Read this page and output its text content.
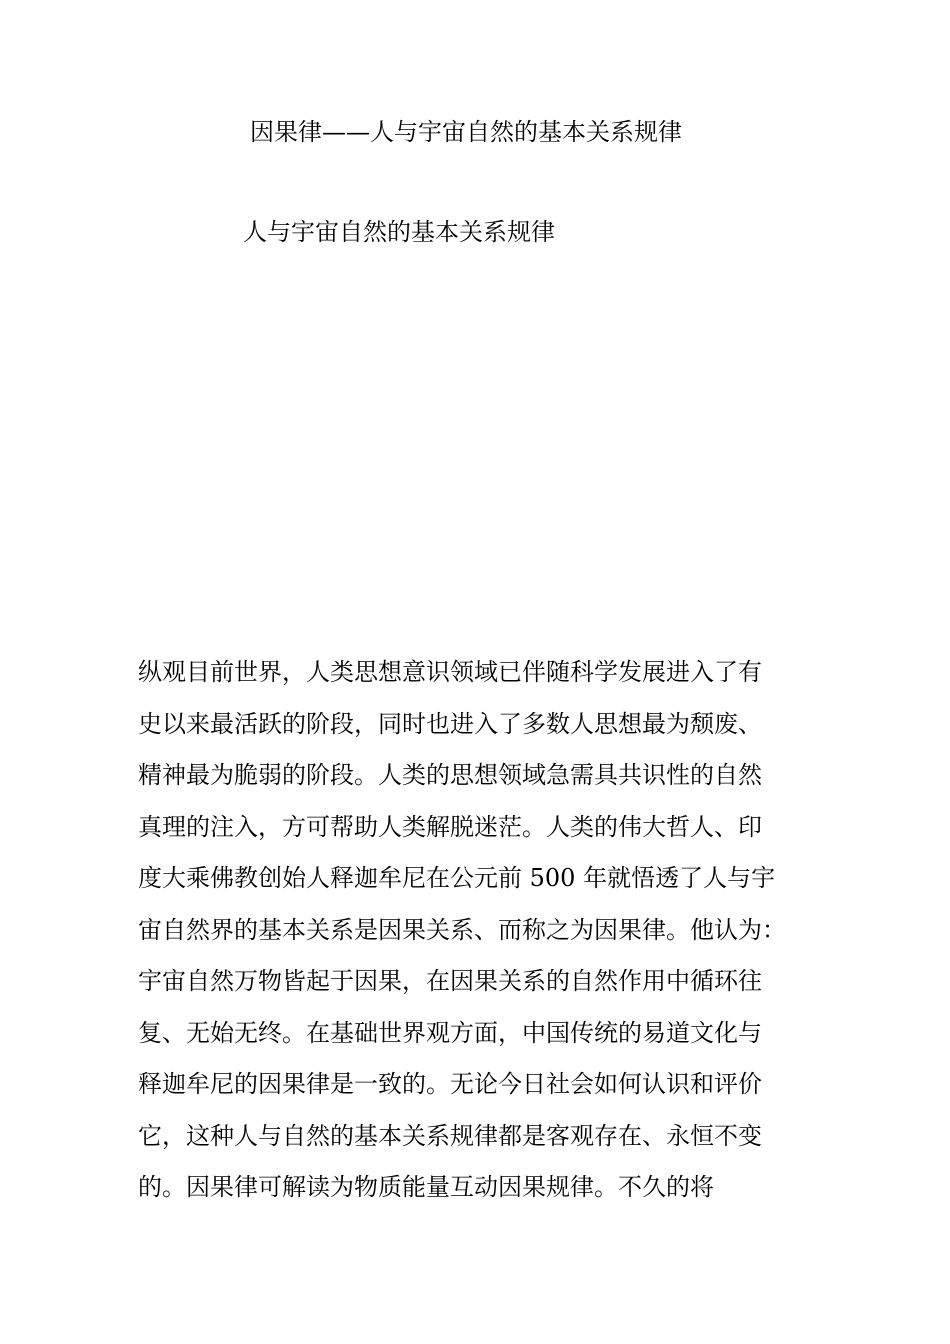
因果律——人与宇宙自然的基本关系规律
人与宇宙自然的基本关系规律
纵观目前世界，人类思想意识领域已伴随科学发展进入了有
史以来最活跃的阶段，同时也进入了多数人思想最为颓废、
精神最为脆弱的阶段。人类的思想领域急需具共识性的自然
真理的注入，方可帮助人类解脱迷茫。人类的伟大哲人、印
度大乘佛教创始人释迦牟尼在公元前 500 年就悟透了人与宇
宙自然界的基本关系是因果关系、而称之为因果律。他认为：
宇宙自然万物皆起于因果，在因果关系的自然作用中循环往
复、无始无终。在基础世界观方面，中国传统的易道文化与
释迦牟尼的因果律是一致的。无论今日社会如何认识和评价
它，这种人与自然的基本关系规律都是客观存在、永恒不变
的。因果律可解读为物质能量互动因果规律。不久的将
